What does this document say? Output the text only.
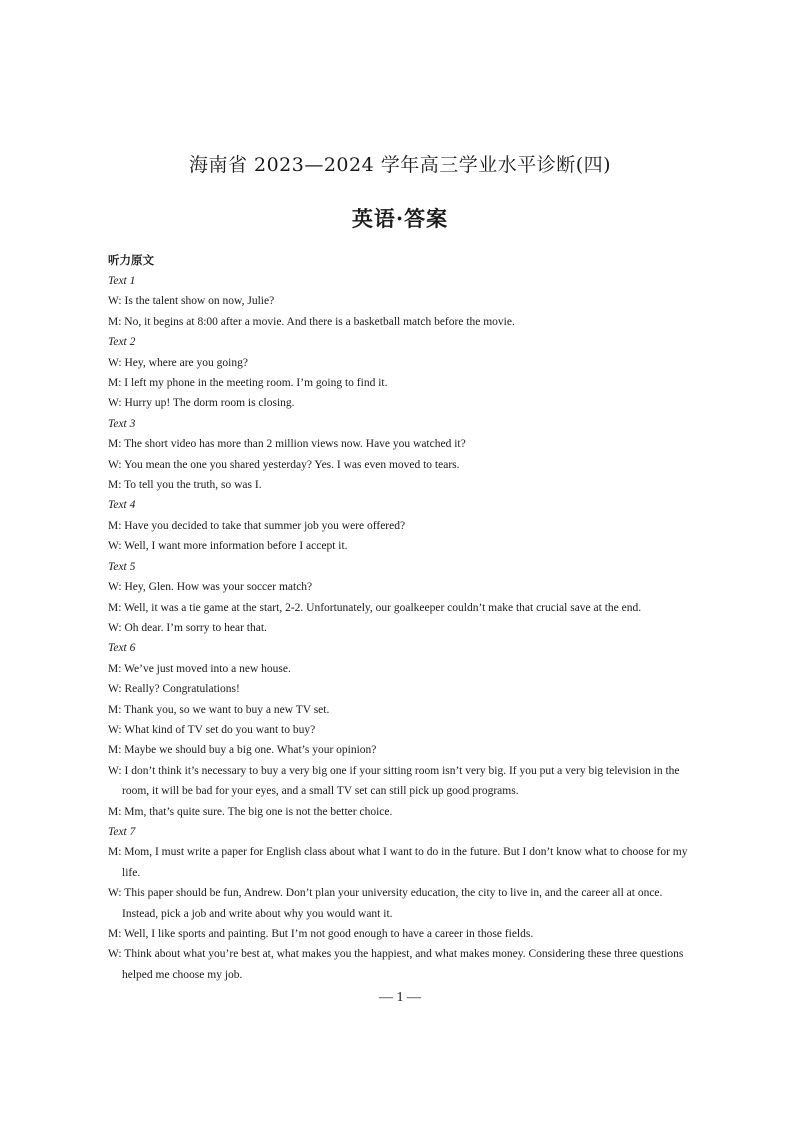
海南省 2023—2024 学年高三学业水平诊断(四)
英语·答案
听力原文
Text 1
W: Is the talent show on now, Julie?
M: No, it begins at 8:00 after a movie. And there is a basketball match before the movie.
Text 2
W: Hey, where are you going?
M: I left my phone in the meeting room. I’m going to find it.
W: Hurry up! The dorm room is closing.
Text 3
M: The short video has more than 2 million views now. Have you watched it?
W: You mean the one you shared yesterday? Yes. I was even moved to tears.
M: To tell you the truth, so was I.
Text 4
M: Have you decided to take that summer job you were offered?
W: Well, I want more information before I accept it.
Text 5
W: Hey, Glen. How was your soccer match?
M: Well, it was a tie game at the start, 2-2. Unfortunately, our goalkeeper couldn’t make that crucial save at the end.
W: Oh dear. I’m sorry to hear that.
Text 6
M: We’ve just moved into a new house.
W: Really? Congratulations!
M: Thank you, so we want to buy a new TV set.
W: What kind of TV set do you want to buy?
M: Maybe we should buy a big one. What’s your opinion?
W: I don’t think it’s necessary to buy a very big one if your sitting room isn’t very big. If you put a very big television in the room, it will be bad for your eyes, and a small TV set can still pick up good programs.
M: Mm, that’s quite sure. The big one is not the better choice.
Text 7
M: Mom, I must write a paper for English class about what I want to do in the future. But I don’t know what to choose for my life.
W: This paper should be fun, Andrew. Don’t plan your university education, the city to live in, and the career all at once. Instead, pick a job and write about why you would want it.
M: Well, I like sports and painting. But I’m not good enough to have a career in those fields.
W: Think about what you’re best at, what makes you the happiest, and what makes money. Considering these three questions helped me choose my job.
— 1 —
